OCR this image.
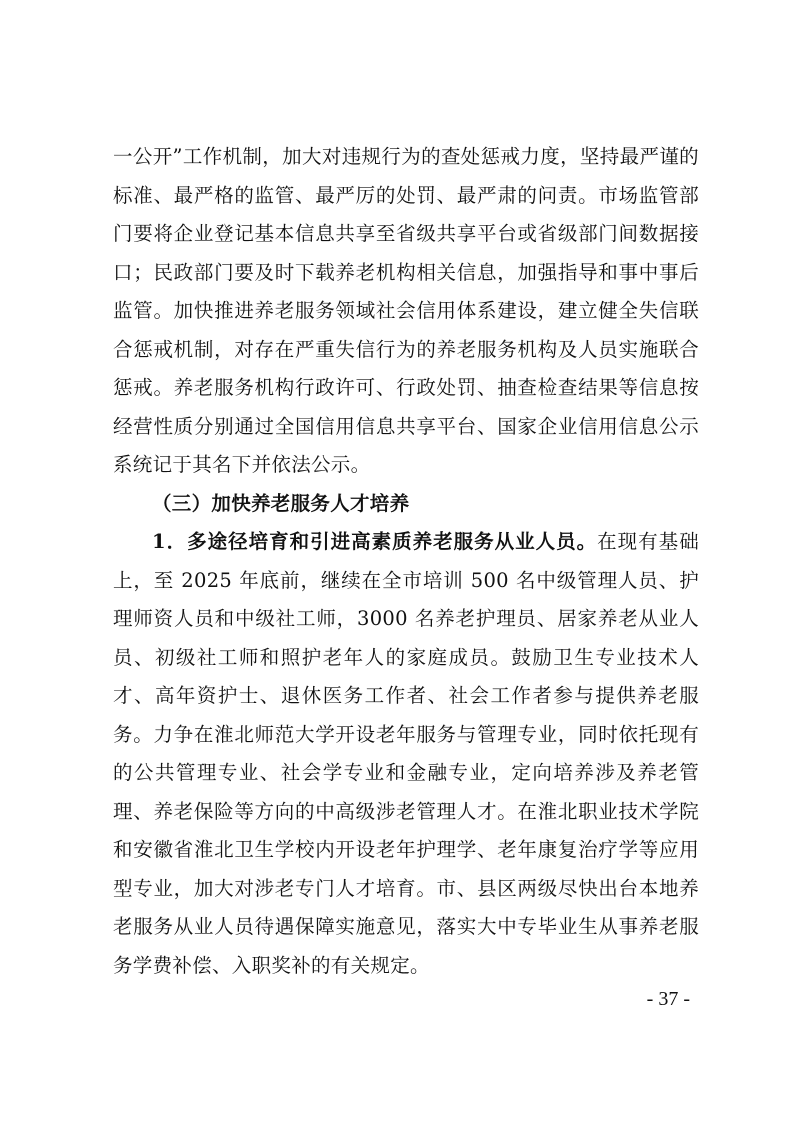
一公开”工作机制，加大对违规行为的查处惩戒力度，坚持最严谨的标准、最严格的监管、最严厉的处罚、最严肃的问责。市场监管部门要将企业登记基本信息共享至省级共享平台或省级部门间数据接 口；民政部门要及时下载养老机构相关信息，加强指导和事中事后监管。加快推进养老服务领域社会信用体系建设，建立健全失信联合惩戒机制，对存在严重失信行为的养老服务机构及人员实施联合惩戒。养老服务机构行政许可、行政处罚、抽查检查结果等信息按经营性质分别通过全国信用信息共享平台、国家企业信用信息公示系统记于其名下并依法公示。

（三）加快养老服务人才培养

1．多途径培育和引进高素质养老服务从业人员。在现有基础上，至 2025 年底前，继续在全市培训 500 名中级管理人员、护理师资人员和中级社工师，3000 名养老护理员、居家养老从业人员、初级社工师和照护老年人的家庭成员。鼓励卫生专业技术人才、高年资护士、退休医务工作者、社会工作者参与提供养老服务。力争在淮北师范大学开设老年服务与管理专业，同时依托现有的公共管理专业、社会学专业和金融专业，定向培养涉及养老管理、养老保险等方向的中高级涉老管理人才。在淮北职业技术学院和安徽省淮北卫生学校内开设老年护理学、老年康复治疗学等应用型专业，加大对涉老专门人才培育。市、县区两级尽快出台本地养老服务从业人员待遇保障实施意见，落实大中专毕业生从事养老服务学费补偿、入职奖补的有关规定。

- 37 -
